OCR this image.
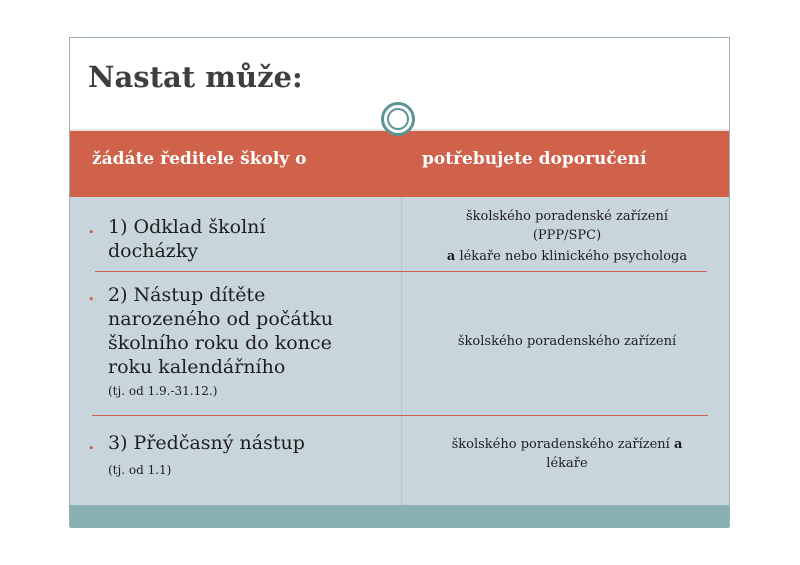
Nastat může:
žádáte ředitele školy o	potřebujete doporučení
• 1) Odklad školní
docházky
školského poradenské zařízení
(PPP/SPC)
a lékaře nebo klinického psychologa
• 2) Nástup dítěte
narozeného od počátku
školního roku do konce
roku kalendářního
(tj. od 1.9.-31.12.)
školského poradenského zařízení
• 3) Předčasný nástup
(tj. od 1.1)
školského poradenského zařízení a
lékaře
